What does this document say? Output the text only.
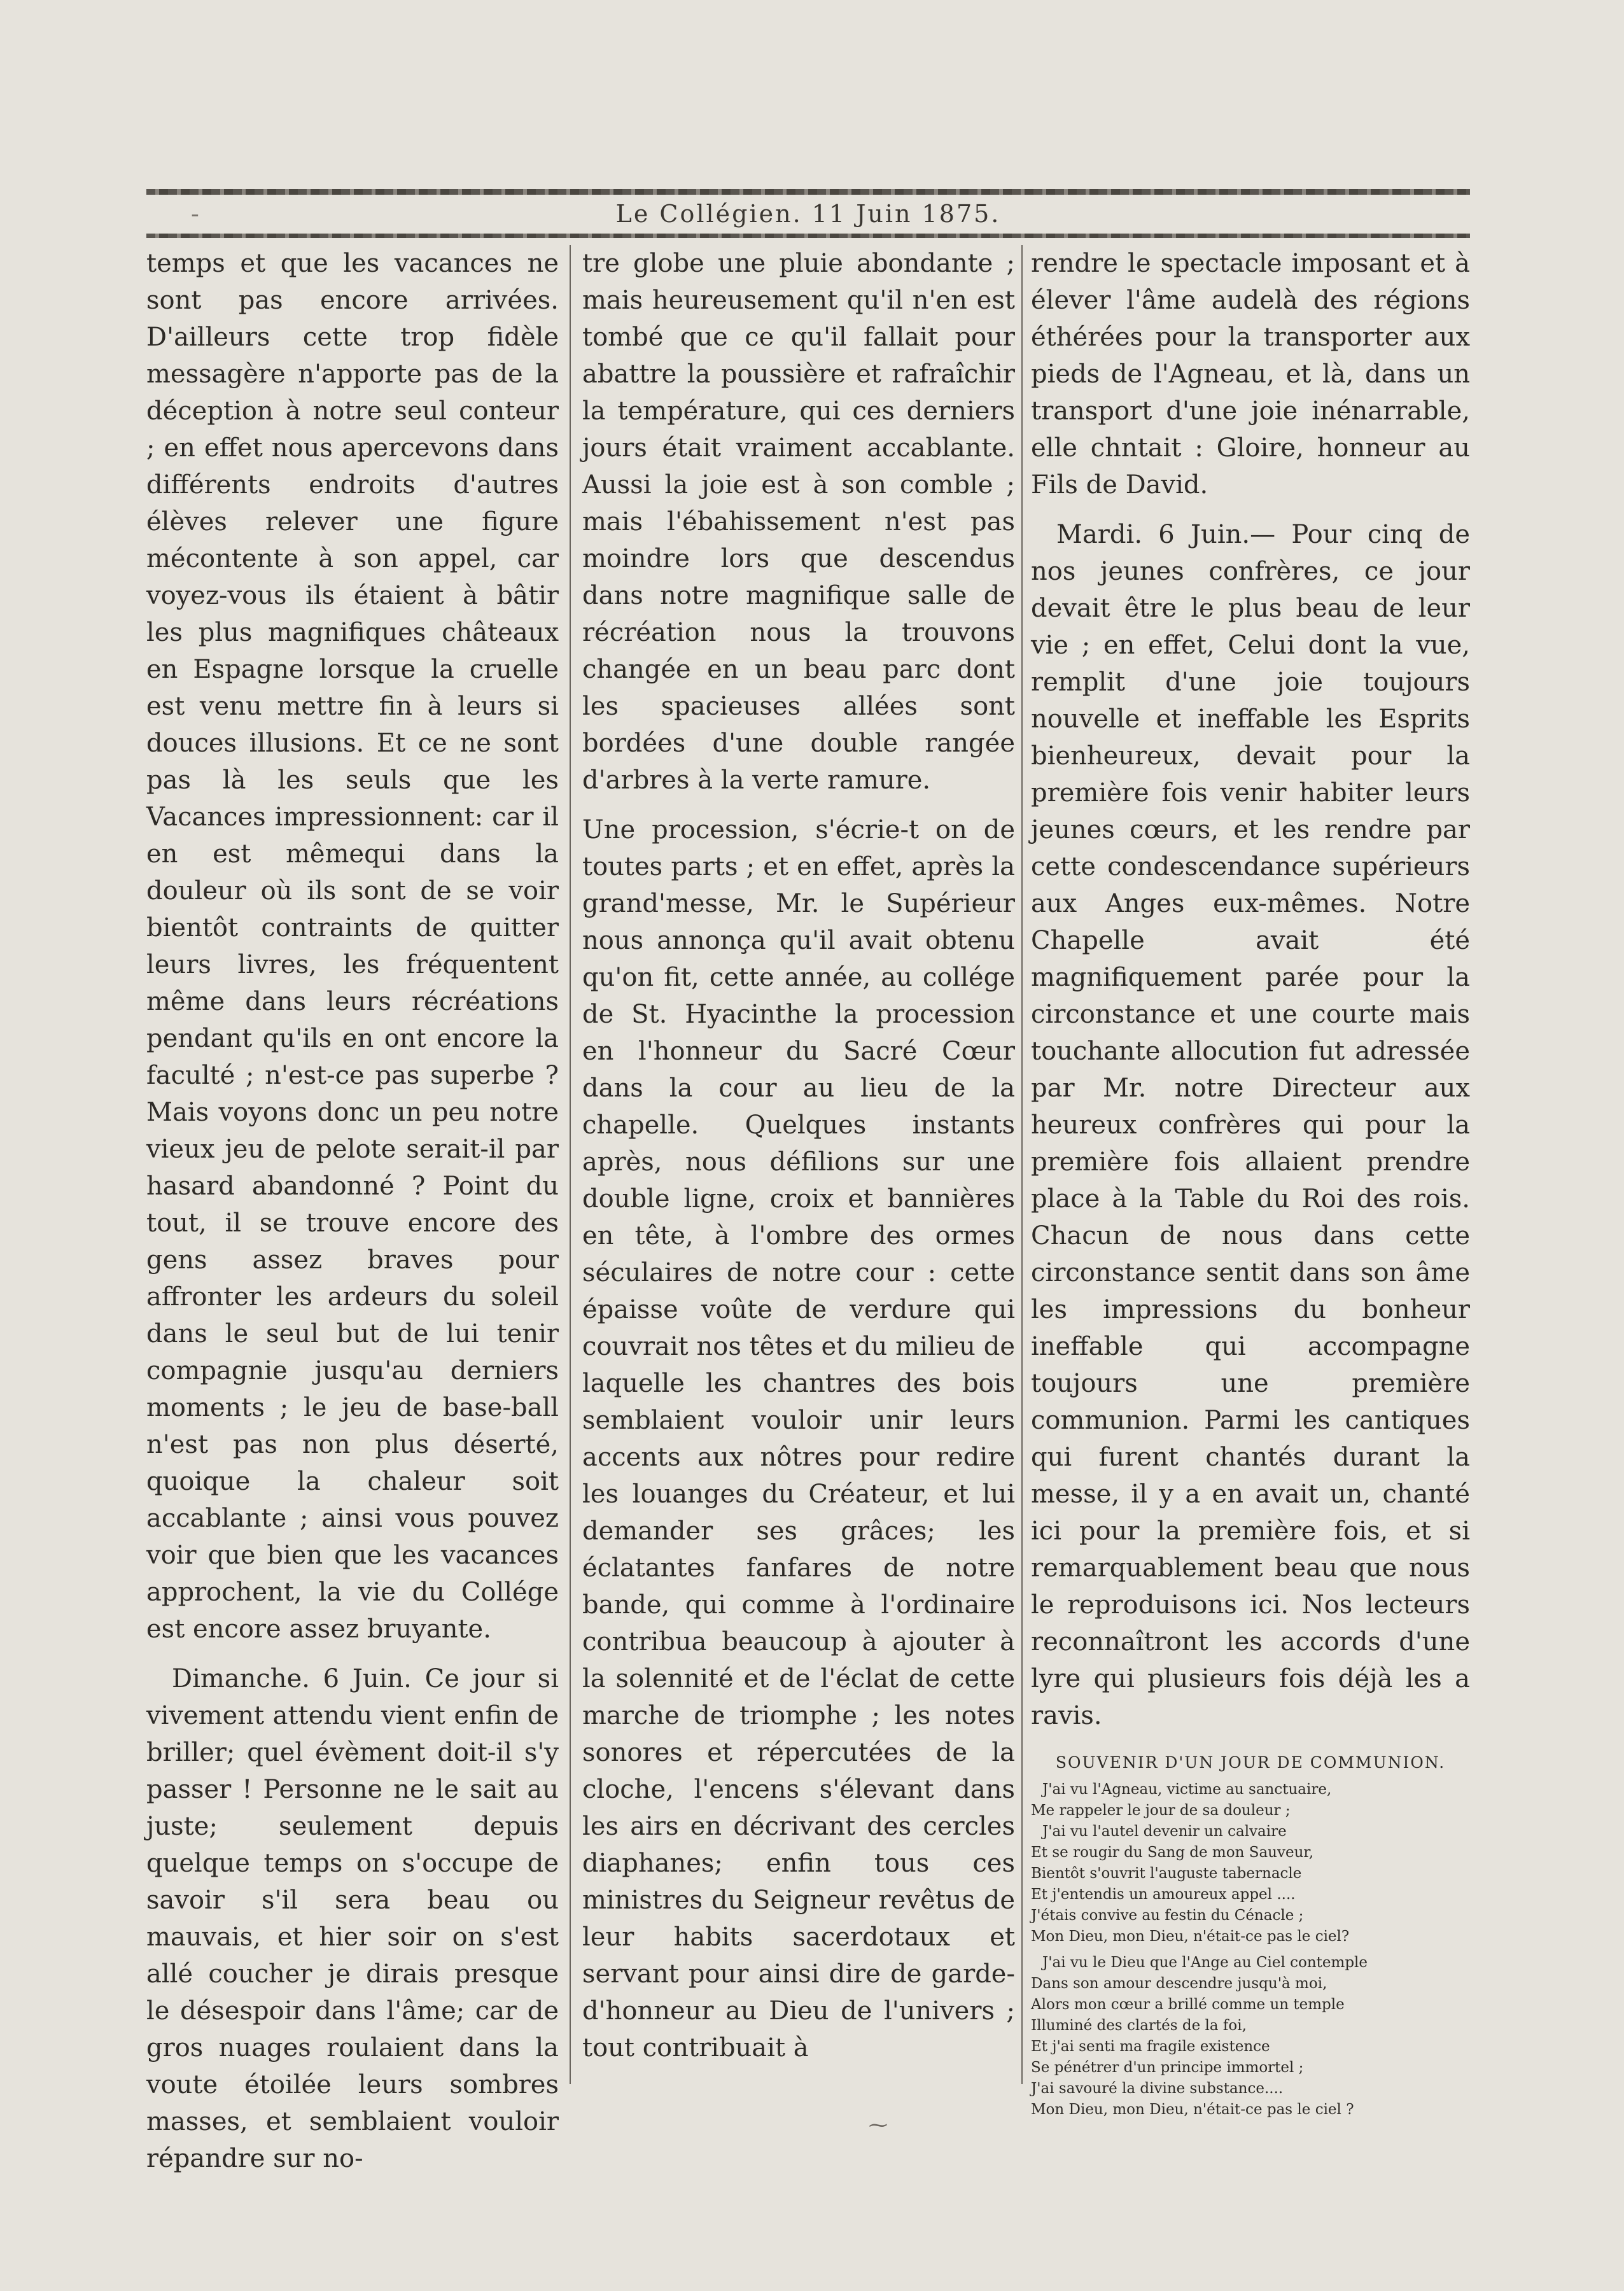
-	Le Collégien. 11 Juin 1875.

temps et que les vacances ne sont pas encore arrivées. D'ailleurs cette trop fidèle messagère n'apporte pas de la déception à notre seul conteur ; en effet nous apercevons dans différents endroits d'autres élèves relever une figure mécontente à son appel, car voyez-vous ils étaient à bâtir les plus magnifiques châteaux en Espagne lorsque la cruelle est venu mettre fin à leurs si douces illusions. Et ce ne sont pas là les seuls que les Vacances impressionnent: car il en est mêmequi dans la douleur où ils sont de se voir bientôt contraints de quitter leurs livres, les fréquentent même dans leurs récréations pendant qu'ils en ont encore la faculté ; n'est-ce pas superbe ? Mais voyons donc un peu notre vieux jeu de pelote serait-il par hasard abandonné ? Point du tout, il se trouve encore des gens assez braves pour affronter les ardeurs du soleil dans le seul but de lui tenir compagnie jusqu'au derniers moments ; le jeu de base-ball n'est pas non plus déserté, quoique la chaleur soit accablante ; ainsi vous pouvez voir que bien que les vacances approchent, la vie du Collége est encore assez bruyante.

Dimanche. 6 Juin. Ce jour si vivement attendu vient enfin de briller; quel évèment doit-il s'y passer ! Personne ne le sait au juste; seulement depuis quelque temps on s'occupe de savoir s'il sera beau ou mauvais, et hier soir on s'est allé coucher je dirais presque le désespoir dans l'âme; car de gros nuages roulaient dans la voute étoilée leurs sombres masses, et semblaient vouloir répandre sur no-

tre globe une pluie abondante ; mais heureusement qu'il n'en est tombé que ce qu'il fallait pour abattre la poussière et rafraîchir la température, qui ces derniers jours était vraiment accablante. Aussi la joie est à son comble ; mais l'ébahissement n'est pas moindre lors que descendus dans notre magnifique salle de récréation nous la trouvons changée en un beau parc dont les spacieuses allées sont bordées d'une double rangée d'arbres à la verte ramure.

Une procession, s'écrie-t on de toutes parts ; et en effet, après la grand'messe, Mr. le Supérieur nous annonça qu'il avait obtenu qu'on fit, cette année, au collége de St. Hyacinthe la procession en l'honneur du Sacré Cœur dans la cour au lieu de la chapelle. Quelques instants après, nous défilions sur une double ligne, croix et bannières en tête, à l'ombre des ormes séculaires de notre cour : cette épaisse voûte de verdure qui couvrait nos têtes et du milieu de laquelle les chantres des bois semblaient vouloir unir leurs accents aux nôtres pour redire les louanges du Créateur, et lui demander ses grâces; les éclatantes fanfares de notre bande, qui comme à l'ordinaire contribua beaucoup à ajouter à la solennité et de l'éclat de cette marche de triomphe ; les notes sonores et répercutées de la cloche, l'encens s'élevant dans les airs en décrivant des cercles diaphanes; enfin tous ces ministres du Seigneur revêtus de leur habits sacerdotaux et servant pour ainsi dire de garde-d'honneur au Dieu de l'univers ; tout contribuait à

rendre le spectacle imposant et à élever l'âme audelà des régions éthérées pour la transporter aux pieds de l'Agneau, et là, dans un transport d'une joie inénarrable, elle chntait : Gloire, honneur au Fils de David.

Mardi. 6 Juin.— Pour cinq de nos jeunes confrères, ce jour devait être le plus beau de leur vie ; en effet, Celui dont la vue, remplit d'une joie toujours nouvelle et ineffable les Esprits bienheureux, devait pour la première fois venir habiter leurs jeunes cœurs, et les rendre par cette condescendance supérieurs aux Anges eux-mêmes. Notre Chapelle avait été magnifiquement parée pour la circonstance et une courte mais touchante allocution fut adressée par Mr. notre Directeur aux heureux confrères qui pour la première fois allaient prendre place à la Table du Roi des rois. Chacun de nous dans cette circonstance sentit dans son âme les impressions du bonheur ineffable qui accompagne toujours une première communion. Parmi les cantiques qui furent chantés durant la messe, il y a en avait un, chanté ici pour la première fois, et si remarquablement beau que nous le reproduisons ici. Nos lecteurs reconnaîtront les accords d'une lyre qui plusieurs fois déjà les a ravis.

SOUVENIR D'UN JOUR DE COMMUNION.
J'ai vu l'Agneau, victime au sanctuaire,
Me rappeler le jour de sa douleur ;
J'ai vu l'autel devenir un calvaire
Et se rougir du Sang de mon Sauveur,
Bientôt s'ouvrit l'auguste tabernacle
Et j'entendis un amoureux appel ....
J'étais convive au festin du Cénacle ;
Mon Dieu, mon Dieu, n'était-ce pas le ciel?
J'ai vu le Dieu que l'Ange au Ciel contemple
Dans son amour descendre jusqu'à moi,
Alors mon cœur a brillé comme un temple
Illuminé des clartés de la foi,
Et j'ai senti ma fragile existence
Se pénétrer d'un principe immortel ;
J'ai savouré la divine substance....
Mon Dieu, mon Dieu, n'était-ce pas le ciel ?
⁓
